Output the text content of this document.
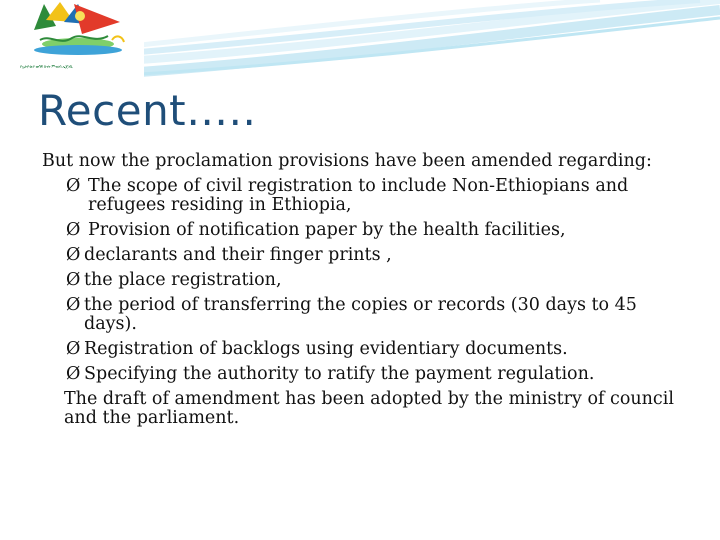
የኢትዮጵያ ወሳኝ ኩነት ምዝገባ ኤጀንሲ
Recent…..

But now the proclamation provisions have been amended regarding:

Ø The scope of civil registration to include Non-Ethiopians and refugees residing in Ethiopia,
Ø Provision of notification paper by the health facilities,
Ø declarants and their finger prints ,
Ø the place registration,
Ø the period of transferring the copies or records (30 days to 45 days).
Ø Registration of backlogs using evidentiary documents.
Ø Specifying the authority to ratify the payment regulation.

The draft of amendment has been adopted by the ministry of council and the parliament.
